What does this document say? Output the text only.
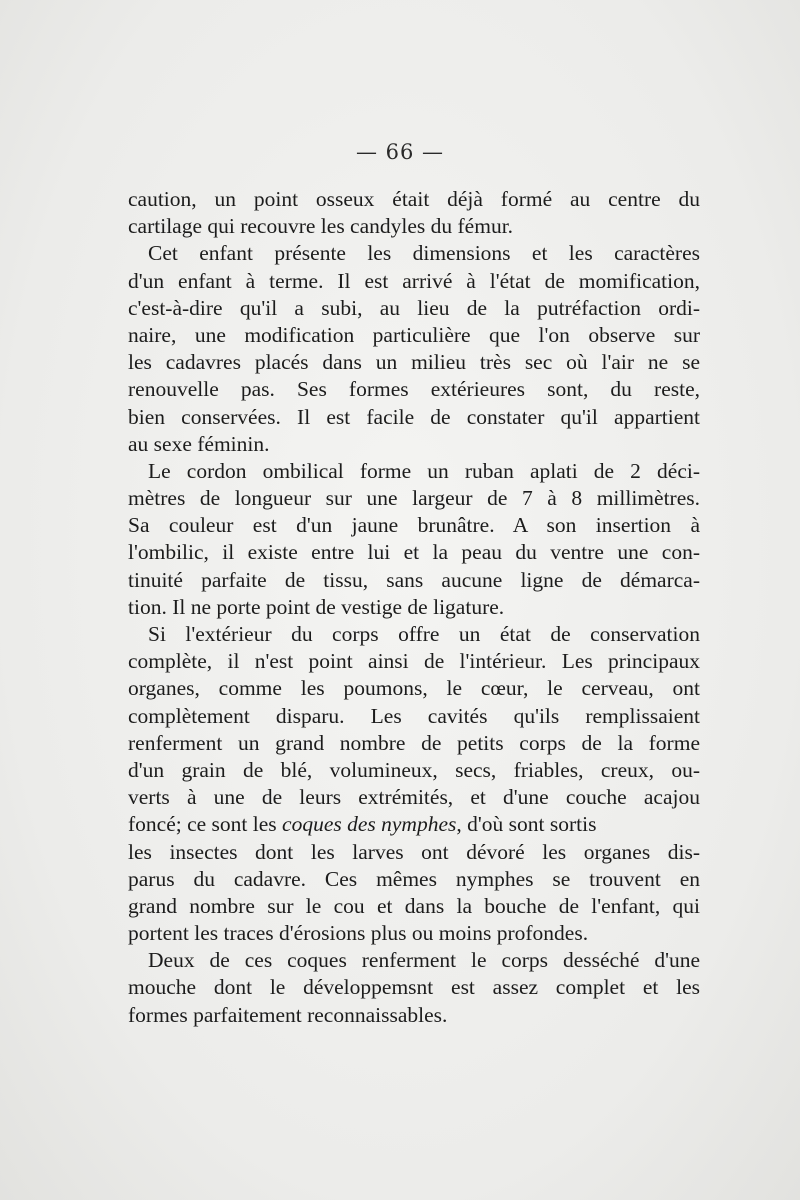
— 66 —
caution, un point osseux était déjà formé au centre du
cartilage qui recouvre les candyles du fémur.
Cet enfant présente les dimensions et les caractères
d'un enfant à terme. Il est arrivé à l'état de momification,
c'est-à-dire qu'il a subi, au lieu de la putréfaction ordi-
naire, une modification particulière que l'on observe sur
les cadavres placés dans un milieu très sec où l'air ne se
renouvelle pas. Ses formes extérieures sont, du reste,
bien conservées. Il est facile de constater qu'il appartient
au sexe féminin.
Le cordon ombilical forme un ruban aplati de 2 déci-
mètres de longueur sur une largeur de 7 à 8 millimètres.
Sa couleur est d'un jaune brunâtre. A son insertion à
l'ombilic, il existe entre lui et la peau du ventre une con-
tinuité parfaite de tissu, sans aucune ligne de démarca-
tion. Il ne porte point de vestige de ligature.
Si l'extérieur du corps offre un état de conservation
complète, il n'est point ainsi de l'intérieur. Les principaux
organes, comme les poumons, le cœur, le cerveau, ont
complètement disparu. Les cavités qu'ils remplissaient
renferment un grand nombre de petits corps de la forme
d'un grain de blé, volumineux, secs, friables, creux, ou-
verts à une de leurs extrémités, et d'une couche acajou
foncé; ce sont les coques des nymphes, d'où sont sortis
les insectes dont les larves ont dévoré les organes dis-
parus du cadavre. Ces mêmes nymphes se trouvent en
grand nombre sur le cou et dans la bouche de l'enfant, qui
portent les traces d'érosions plus ou moins profondes.
Deux de ces coques renferment le corps desséché d'une
mouche dont le développemsnt est assez complet et les
formes parfaitement reconnaissables.
